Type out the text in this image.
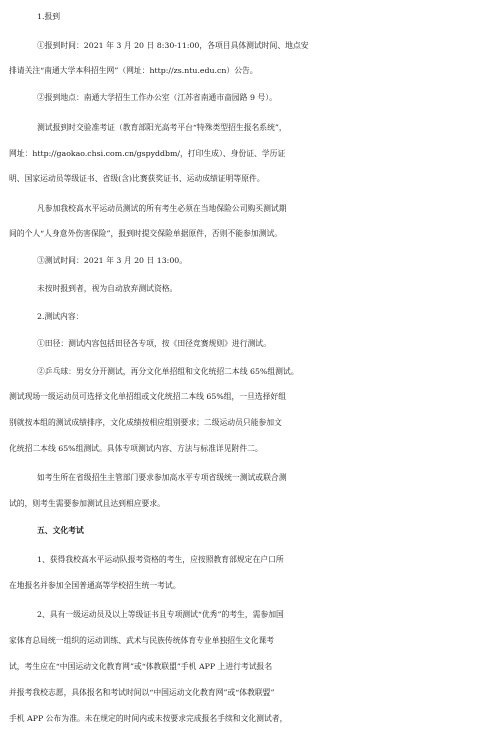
1.报到
①报到时间：2021 年 3 月 20 日 8:30-11:00，各项目具体测试时间、地点安
排请关注“南通大学本科招生网”（网址：http://zs.ntu.edu.cn）公告。
②报到地点：南通大学招生工作办公室（江苏省南通市啬园路 9 号）。
测试报到时交验准考证（教育部阳光高考平台“特殊类型招生报名系统”，
网址：http://gaokao.chsi.com.cn/gspyddbm/，打印生成）、身份证、学历证
明、国家运动员等级证书、省级(含)比赛获奖证书、运动成绩证明等原件。
凡参加我校高水平运动员测试的所有考生必须在当地保险公司购买测试期
间的个人“人身意外伤害保险”，报到时提交保险单据原件，否则不能参加测试。
③测试时间：2021 年 3 月 20 日 13:00。
未按时报到者，视为自动放弃测试资格。
2.测试内容：
①田径：测试内容包括田径各专项，按《田径竞赛规则》进行测试。
②乒乓球：男女分开测试，再分文化单招组和文化统招二本线 65%组测试。
测试现场一级运动员可选择文化单招组或文化统招二本线 65%组，一旦选择好组
别就按本组的测试成绩排序，文化成绩按相应组别要求；二级运动员只能参加文
化统招二本线 65%组测试。具体专项测试内容、方法与标准详见附件二。
如考生所在省级招生主管部门要求参加高水平专项省级统一测试或联合测
试的，则考生需要参加测试且达到相应要求。
五、文化考试
1、获得我校高水平运动队报考资格的考生，应按照教育部规定在户口所
在地报名并参加全国普通高等学校招生统一考试。
2、具有一级运动员及以上等级证书且专项测试“优秀”的考生，需参加国
家体育总局统一组织的运动训练、武术与民族传统体育专业单独招生文化课考
试，考生应在“中国运动文化教育网”或“体教联盟”手机 APP 上进行考试报名
并报考我校志愿，具体报名和考试时间以“中国运动文化教育网”或“体教联盟”
手机 APP 公布为准。未在规定的时间内或未按要求完成报名手续和文化测试者，
